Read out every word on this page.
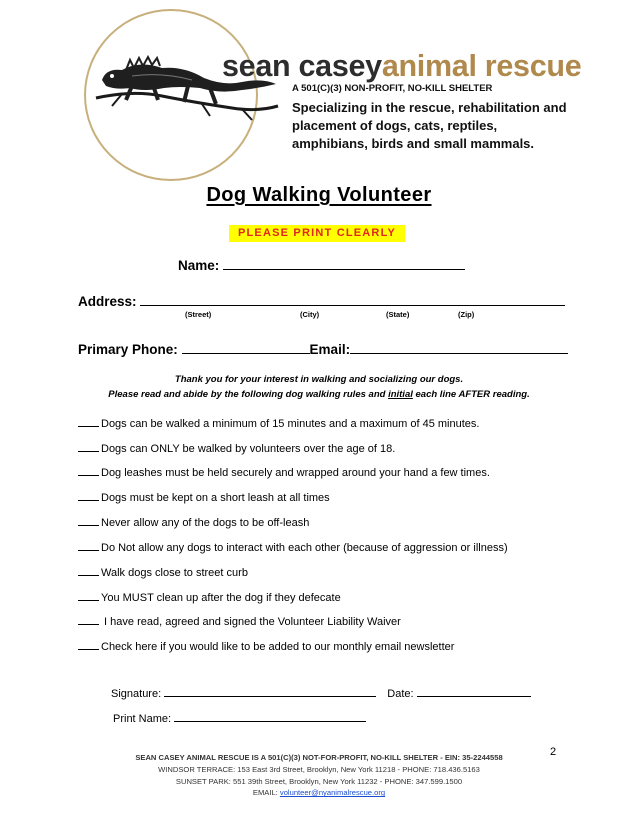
sean caseyanimal rescue
A 501(C)(3) NON-PROFIT, NO-KILL SHELTER
Specializing in the rescue, rehabilitation and placement of dogs, cats, reptiles, amphibians, birds and small mammals.
Dog Walking Volunteer
PLEASE PRINT CLEARLY
Name:
Address:
(Street)	(City)	(State)	(Zip)
Primary Phone:	Email:
Thank you for your interest in walking and socializing our dogs.
Please read and abide by the following dog walking rules and initial each line AFTER reading.
Dogs can be walked a minimum of 15 minutes and a maximum of 45 minutes.
Dogs can ONLY be walked by volunteers over the age of 18.
Dog leashes must be held securely and wrapped around your hand a few times.
Dogs must be kept on a short leash at all times
Never allow any of the dogs to be off-leash
Do Not allow any dogs to interact with each other (because of aggression or illness)
Walk dogs close to street curb
You MUST clean up after the dog if they defecate
I have read, agreed and signed the Volunteer Liability Waiver
Check here if you would like to be added to our monthly email newsletter
Signature:	Date:
Print Name:
2
SEAN CASEY ANIMAL RESCUE IS A 501(C)(3) NOT-FOR-PROFIT, NO-KILL SHELTER - EIN: 35-2244558
WINDSOR TERRACE: 153 East 3rd Street, Brooklyn, New York 11218 - PHONE: 718.436.5163
SUNSET PARK: 551 39th Street, Brooklyn, New York 11232 - PHONE: 347.599.1500
EMAIL: volunteer@nyanimalrescue.org
